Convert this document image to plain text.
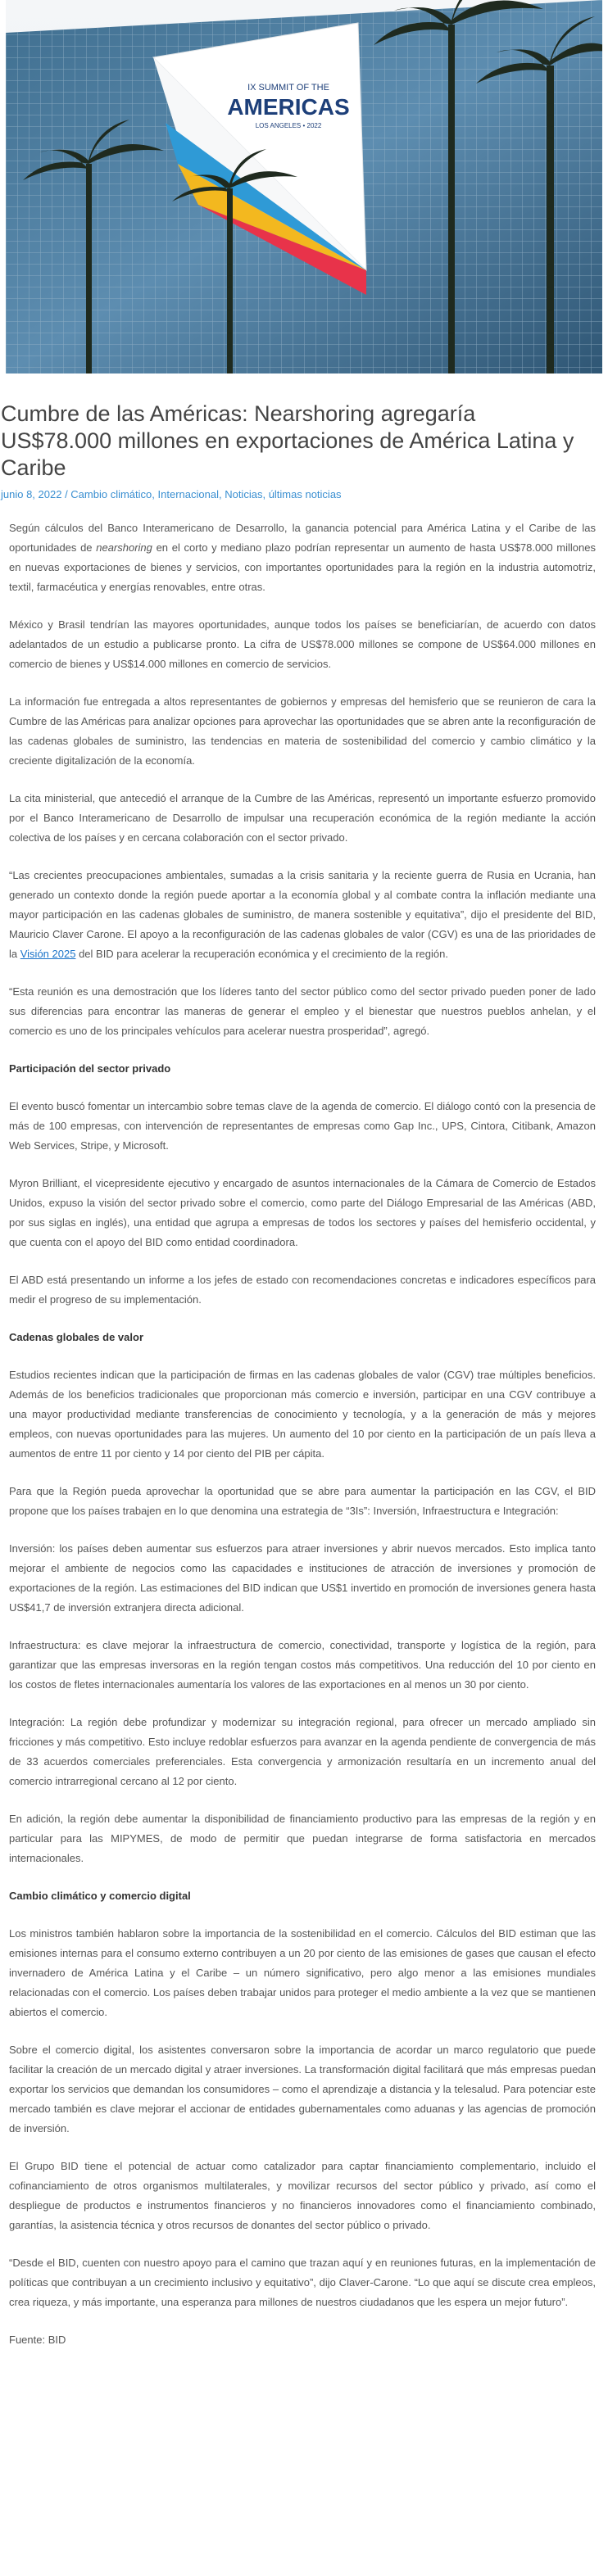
IX SUMMIT OF THE
AMERICAS
LOS ANGELES • 2022
Cumbre de las Américas: Nearshoring agregaría US$78.000 millones en exportaciones de América Latina y Caribe
junio 8, 2022 / Cambio climático, Internacional, Noticias, últimas noticias

Según cálculos del Banco Interamericano de Desarrollo, la ganancia potencial para América Latina y el Caribe de las oportunidades de nearshoring en el corto y mediano plazo podrían representar un aumento de hasta US$78.000 millones en nuevas exportaciones de bienes y servicios, con importantes oportunidades para la región en la industria automotriz, textil, farmacéutica y energías renovables, entre otras.

México y Brasil tendrían las mayores oportunidades, aunque todos los países se beneficiarían, de acuerdo con datos adelantados de un estudio a publicarse pronto. La cifra de US$78.000 millones se compone de US$64.000 millones en comercio de bienes y US$14.000 millones en comercio de servicios.

La información fue entregada a altos representantes de gobiernos y empresas del hemisferio que se reunieron de cara la Cumbre de las Américas para analizar opciones para aprovechar las oportunidades que se abren ante la reconfiguración de las cadenas globales de suministro, las tendencias en materia de sostenibilidad del comercio y cambio climático y la creciente digitalización de la economía.

La cita ministerial, que antecedió el arranque de la Cumbre de las Américas, representó un importante esfuerzo promovido por el Banco Interamericano de Desarrollo de impulsar una recuperación económica de la región mediante la acción colectiva de los países y en cercana colaboración con el sector privado.

“Las crecientes preocupaciones ambientales, sumadas a la crisis sanitaria y la reciente guerra de Rusia en Ucrania, han generado un contexto donde la región puede aportar a la economía global y al combate contra la inflación mediante una mayor participación en las cadenas globales de suministro, de manera sostenible y equitativa”, dijo el presidente del BID, Mauricio Claver Carone. El apoyo a la reconfiguración de las cadenas globales de valor (CGV) es una de las prioridades de la Visión 2025 del BID para acelerar la recuperación económica y el crecimiento de la región.

“Esta reunión es una demostración que los líderes tanto del sector público como del sector privado pueden poner de lado sus diferencias para encontrar las maneras de generar el empleo y el bienestar que nuestros pueblos anhelan, y el comercio es uno de los principales vehículos para acelerar nuestra prosperidad”, agregó.

Participación del sector privado

El evento buscó fomentar un intercambio sobre temas clave de la agenda de comercio. El diálogo contó con la presencia de más de 100 empresas, con intervención de representantes de empresas como Gap Inc., UPS, Cintora, Citibank, Amazon Web Services, Stripe, y Microsoft.

Myron Brilliant, el vicepresidente ejecutivo y encargado de asuntos internacionales de la Cámara de Comercio de Estados Unidos, expuso la visión del sector privado sobre el comercio, como parte del Diálogo Empresarial de las Américas (ABD, por sus siglas en inglés), una entidad que agrupa a empresas de todos los sectores y países del hemisferio occidental, y que cuenta con el apoyo del BID como entidad coordinadora.

El ABD está presentando un informe a los jefes de estado con recomendaciones concretas e indicadores específicos para medir el progreso de su implementación.

Cadenas globales de valor

Estudios recientes indican que la participación de firmas en las cadenas globales de valor (CGV) trae múltiples beneficios. Además de los beneficios tradicionales que proporcionan más comercio e inversión, participar en una CGV contribuye a una mayor productividad mediante transferencias de conocimiento y tecnología, y a la generación de más y mejores empleos, con nuevas oportunidades para las mujeres. Un aumento del 10 por ciento en la participación de un país lleva a aumentos de entre 11 por ciento y 14 por ciento del PIB per cápita.

Para que la Región pueda aprovechar la oportunidad que se abre para aumentar la participación en las CGV, el BID propone que los países trabajen en lo que denomina una estrategia de “3Is”: Inversión, Infraestructura e Integración:

Inversión: los países deben aumentar sus esfuerzos para atraer inversiones y abrir nuevos mercados. Esto implica tanto mejorar el ambiente de negocios como las capacidades e instituciones de atracción de inversiones y promoción de exportaciones de la región. Las estimaciones del BID indican que US$1 invertido en promoción de inversiones genera hasta US$41,7 de inversión extranjera directa adicional.

Infraestructura: es clave mejorar la infraestructura de comercio, conectividad, transporte y logística de la región, para garantizar que las empresas inversoras en la región tengan costos más competitivos. Una reducción del 10 por ciento en los costos de fletes internacionales aumentaría los valores de las exportaciones en al menos un 30 por ciento.

Integración: La región debe profundizar y modernizar su integración regional, para ofrecer un mercado ampliado sin fricciones y más competitivo. Esto incluye redoblar esfuerzos para avanzar en la agenda pendiente de convergencia de más de 33 acuerdos comerciales preferenciales. Esta convergencia y armonización resultaría en un incremento anual del comercio intrarregional cercano al 12 por ciento.

En adición, la región debe aumentar la disponibilidad de financiamiento productivo para las empresas de la región y en particular para las MIPYMES, de modo de permitir que puedan integrarse de forma satisfactoria en mercados internacionales.

Cambio climático y comercio digital

Los ministros también hablaron sobre la importancia de la sostenibilidad en el comercio. Cálculos del BID estiman que las emisiones internas para el consumo externo contribuyen a un 20 por ciento de las emisiones de gases que causan el efecto invernadero de América Latina y el Caribe – un número significativo, pero algo menor a las emisiones mundiales relacionadas con el comercio. Los países deben trabajar unidos para proteger el medio ambiente a la vez que se mantienen abiertos el comercio.

Sobre el comercio digital, los asistentes conversaron sobre la importancia de acordar un marco regulatorio que puede facilitar la creación de un mercado digital y atraer inversiones. La transformación digital facilitará que más empresas puedan exportar los servicios que demandan los consumidores – como el aprendizaje a distancia y la telesalud. Para potenciar este mercado también es clave mejorar el accionar de entidades gubernamentales como aduanas y las agencias de promoción de inversión.

El Grupo BID tiene el potencial de actuar como catalizador para captar financiamiento complementario, incluido el cofinanciamiento de otros organismos multilaterales, y movilizar recursos del sector público y privado, así como el despliegue de productos e instrumentos financieros y no financieros innovadores como el financiamiento combinado, garantías, la asistencia técnica y otros recursos de donantes del sector público o privado.

“Desde el BID, cuenten con nuestro apoyo para el camino que trazan aquí y en reuniones futuras, en la implementación de políticas que contribuyan a un crecimiento inclusivo y equitativo”, dijo Claver-Carone. “Lo que aquí se discute crea empleos, crea riqueza, y más importante, una esperanza para millones de nuestros ciudadanos que les espera un mejor futuro”.

Fuente: BID
